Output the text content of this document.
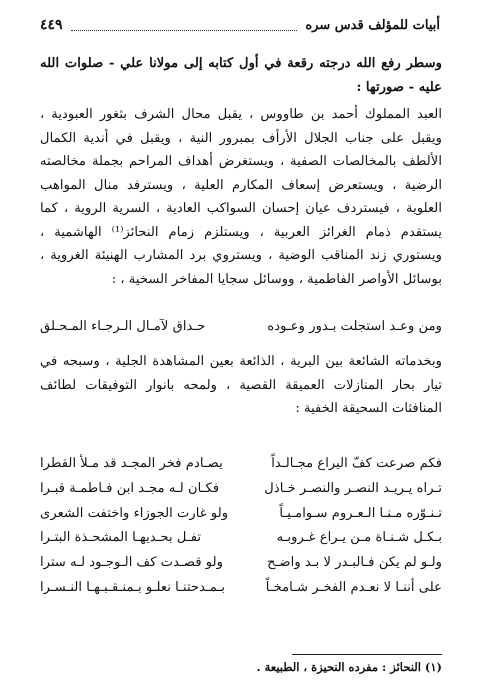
أبيات للمؤلف قدس سره
٤٤٩
وسطر رفع الله درجته رقعة في أول كتابه إلى مولانا علي - صلوات الله عليه - صورتها :
العبد المملوك أحمد بن طاووس ، يقبل محال الشرف بثغور العبودية ، ويقبل على جناب الجلال الأرأف بمبرور النية ، ويقبل في أندية الكمال الألطف بالمخالصات الصفية ، ويستغرض أهداف المراحم بجملة مخالصته الرضية ، ويستعرض إسعاف المكارم العلية ، ويسترفد منال المواهب العلوية ، فيستردف عيان إحسان السواكب العادية ، السرية الروية ، كما يستقدم ذمام الغرائز العربية ، ويستلزم زمام النحائز⁽¹⁾ الهاشمية ، ويستوري زند المناقب الوضية ، ويستروي برد المشارب الهنيئة الغروية ، بوسائل الأواصر الفاطمية ، ووسائل سجايا المفاخر السخية ، :
ومن وعـد استجلت بـدور وعـوده
حـداق لآمـال الـرجـاء المـحـلق
وبخدماته الشائعة بين البرية ، الذائعة بعين المشاهدة الجلية ، وسبحه في تيار بحار المنازلات العميقة القصية ، ولمحه بانوار التوفيقات لطائف المنافثات السحيقة الخفية :
فكم صرعت كفّ اليراع مجـالـداً
يصـادم فخر المجـد قد مـلأ القطرا
تـراه يـريـد النصـر والنصـر خـاذل
فكـان لـه مجـد ابن فـاطمـة قبـرا
تـنـوّره مـنـا الـعـروم سـوامـيـاً
ولو غارت الجوزاء واختفت الشعرى
بـكـل شـنـاة مـن يـراع غـروبـه
تفـل بحـديهـا المشحـذة البتـرا
ولـو لم يكن فـالبـدر لا بـد واضـح
ولو قصـدت كف الـوجـود لـه سترا
على أننـا لا نعـدم الفخـر شـامخـاً
بـمـدحتنـا نعلـو بـمنـقـبـهـا النـسـرا
(١) النحائز : مفرده النحيزة ، الطبيعة .
